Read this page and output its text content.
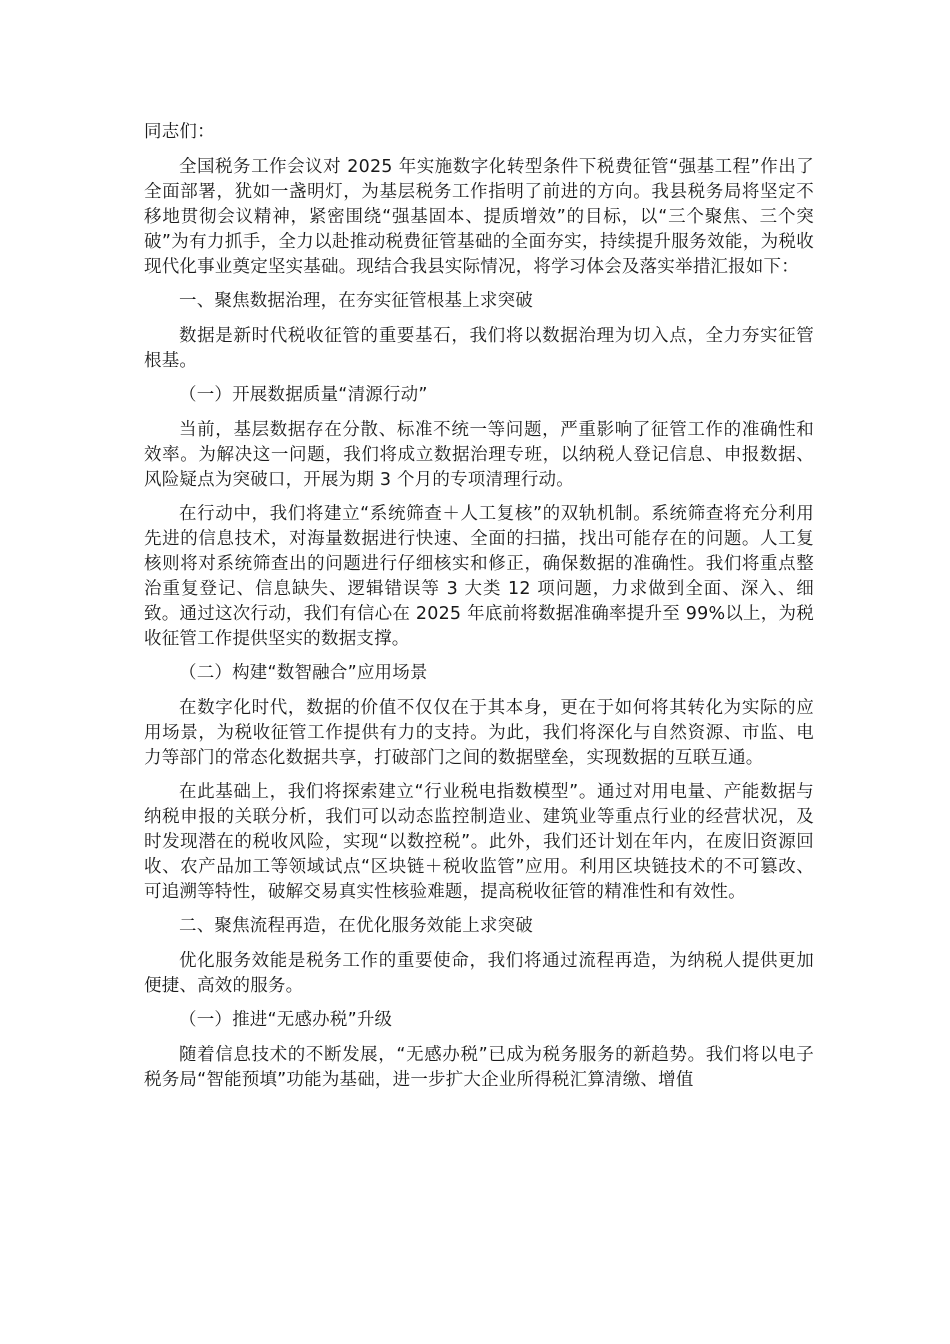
同志们：

全国税务工作会议对 2025 年实施数字化转型条件下税费征管“强基工程”作出了全面部署，犹如一盏明灯，为基层税务工作指明了前进的方向。我县税务局将坚定不移地贯彻会议精神，紧密围绕“强基固本、提质增效”的目标，以“三个聚焦、三个突破”为有力抓手，全力以赴推动税费征管基础的全面夯实，持续提升服务效能，为税收现代化事业奠定坚实基础。现结合我县实际情况，将学习体会及落实举措汇报如下：

一、聚焦数据治理，在夯实征管根基上求突破

数据是新时代税收征管的重要基石，我们将以数据治理为切入点，全力夯实征管根基。

（一）开展数据质量“清源行动”

当前，基层数据存在分散、标准不统一等问题，严重影响了征管工作的准确性和效率。为解决这一问题，我们将成立数据治理专班，以纳税人登记信息、申报数据、风险疑点为突破口，开展为期 3 个月的专项清理行动。

在行动中，我们将建立“系统筛查＋人工复核”的双轨机制。系统筛查将充分利用先进的信息技术，对海量数据进行快速、全面的扫描，找出可能存在的问题。人工复核则将对系统筛查出的问题进行仔细核实和修正，确保数据的准确性。我们将重点整治重复登记、信息缺失、逻辑错误等 3 大类 12 项问题，力求做到全面、深入、细致。通过这次行动，我们有信心在 2025 年底前将数据准确率提升至 99%以上，为税收征管工作提供坚实的数据支撑。

（二）构建“数智融合”应用场景

在数字化时代，数据的价值不仅仅在于其本身，更在于如何将其转化为实际的应用场景，为税收征管工作提供有力的支持。为此，我们将深化与自然资源、市监、电力等部门的常态化数据共享，打破部门之间的数据壁垒，实现数据的互联互通。

在此基础上，我们将探索建立“行业税电指数模型”。通过对用电量、产能数据与纳税申报的关联分析，我们可以动态监控制造业、建筑业等重点行业的经营状况，及时发现潜在的税收风险，实现“以数控税”。此外，我们还计划在年内，在废旧资源回收、农产品加工等领域试点“区块链＋税收监管”应用。利用区块链技术的不可篡改、可追溯等特性，破解交易真实性核验难题，提高税收征管的精准性和有效性。

二、聚焦流程再造，在优化服务效能上求突破

优化服务效能是税务工作的重要使命，我们将通过流程再造，为纳税人提供更加便捷、高效的服务。

（一）推进“无感办税”升级

随着信息技术的不断发展，“无感办税”已成为税务服务的新趋势。我们将以电子税务局“智能预填”功能为基础，进一步扩大企业所得税汇算清缴、增值
